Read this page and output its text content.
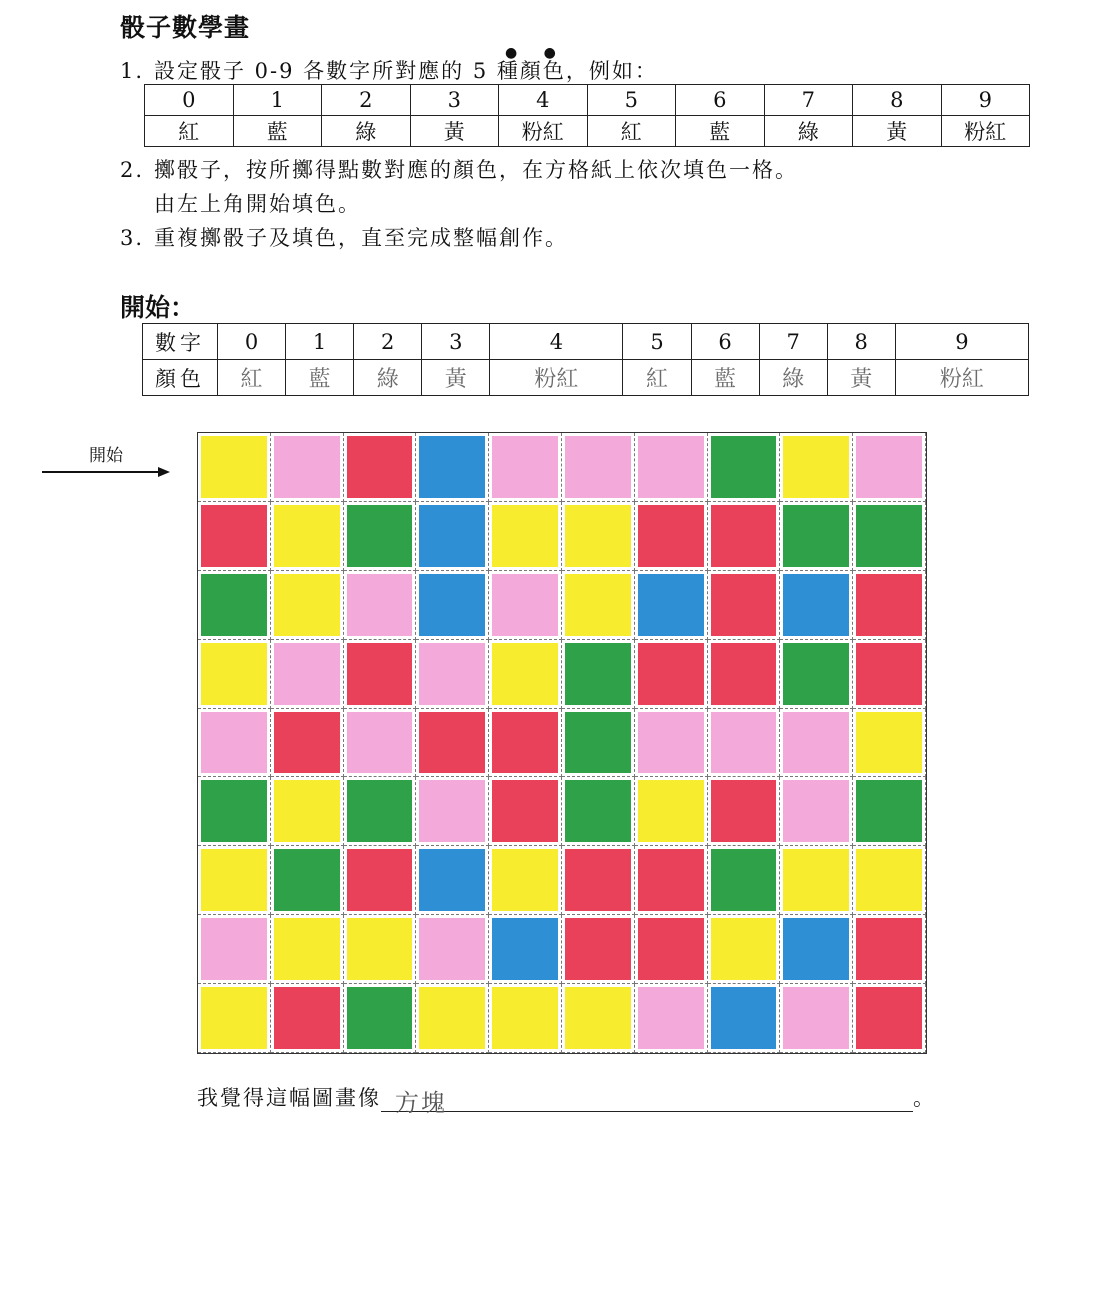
骰子數學畫
1. 設定骰子 0-9 各數字所對應的 5 種顏色，例如：
● ●
0	1	2	3	4	5	6	7	8	9
紅	藍	綠	黃	粉紅	紅	藍	綠	黃	粉紅
2. 擲骰子，按所擲得點數對應的顏色，在方格紙上依次填色一格。
由左上角開始填色。
3. 重複擲骰子及填色，直至完成整幅創作。
開始：
數字	0	1	2	3	4	5	6	7	8	9
顏色	紅	藍	綠	黃	粉紅	紅	藍	綠	黃	粉紅
開始
我覺得這幅圖畫像 方塊	。
